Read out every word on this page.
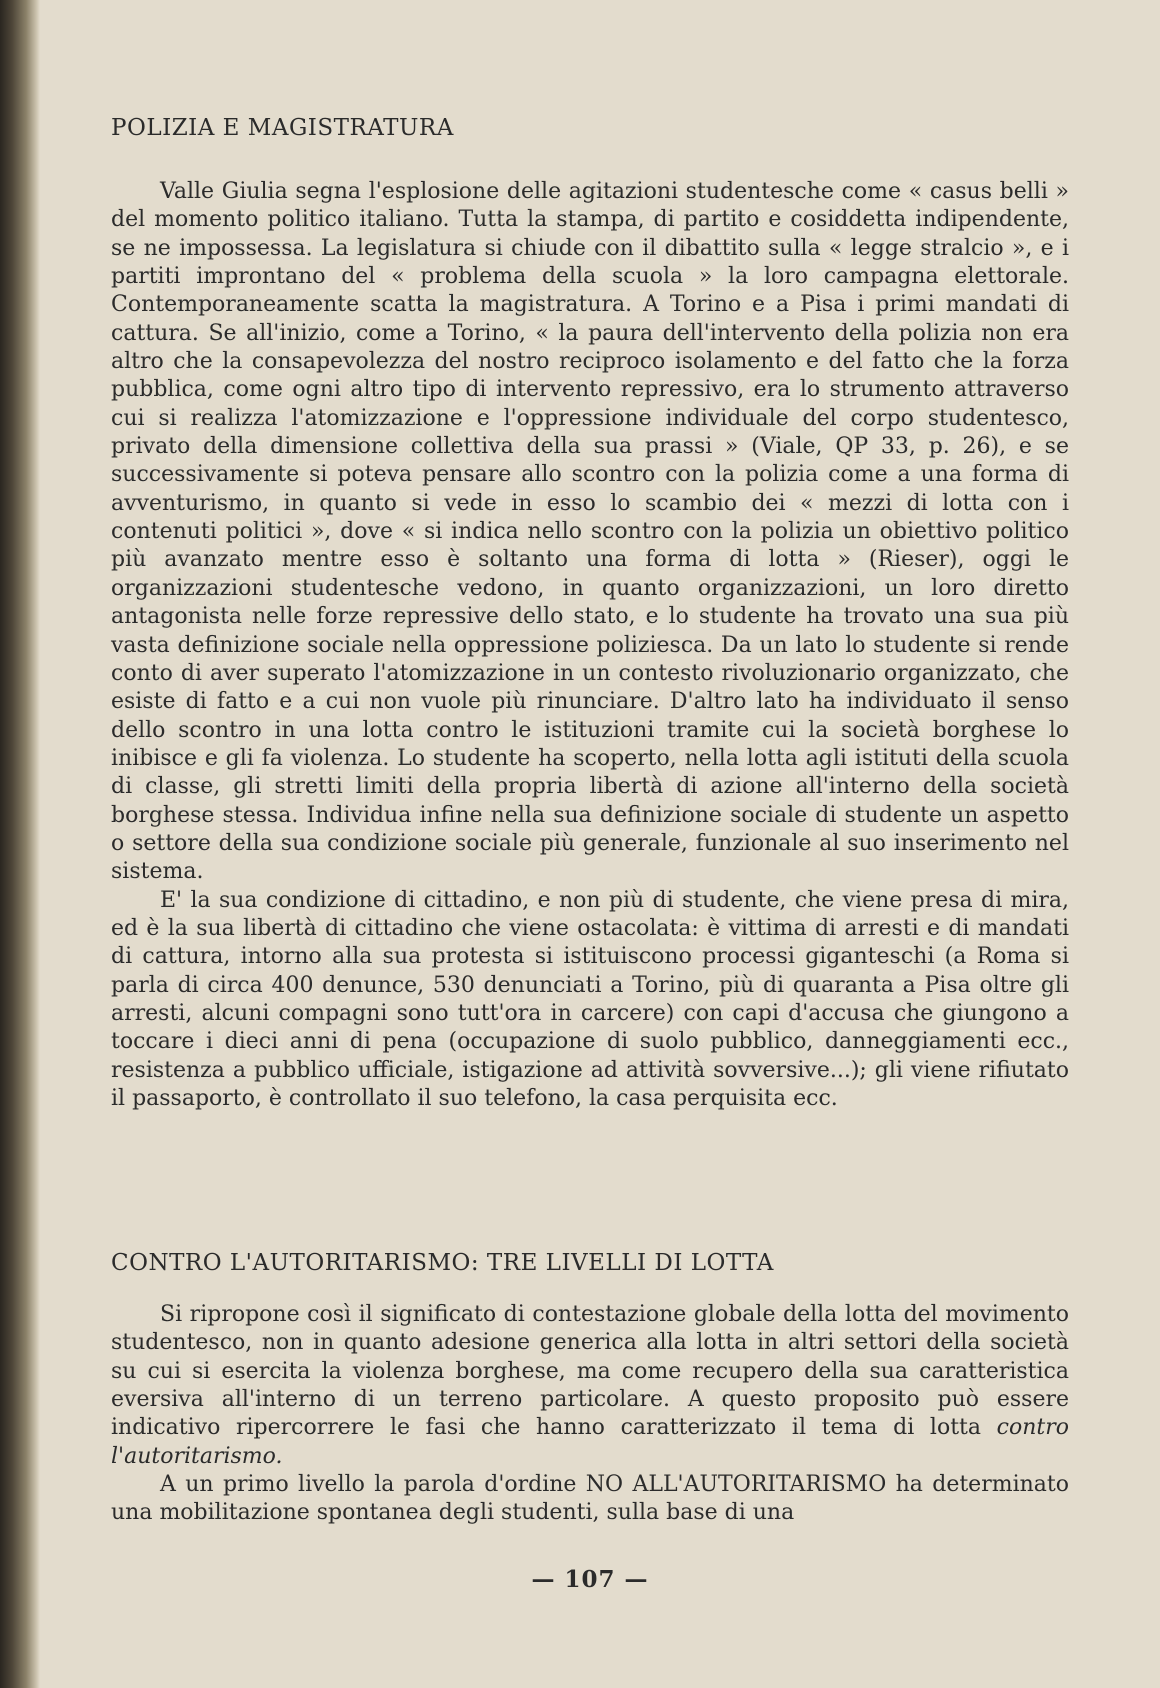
POLIZIA E MAGISTRATURA

Valle Giulia segna l'esplosione delle agitazioni studentesche come « casus belli » del momento politico italiano. Tutta la stampa, di partito e cosiddetta indipendente, se ne impossessa. La legislatura si chiude con il dibattito sulla « legge stralcio », e i partiti improntano del « problema della scuola » la loro campagna elettorale. Contemporaneamente scatta la magistratura. A Torino e a Pisa i primi mandati di cattura. Se all'inizio, come a Torino, « la paura dell'intervento della polizia non era altro che la consapevolezza del nostro reciproco isolamento e del fatto che la forza pubblica, come ogni altro tipo di intervento repressivo, era lo strumento attraverso cui si realizza l'atomizzazione e l'oppressione individuale del corpo studentesco, privato della dimensione collettiva della sua prassi » (Viale, QP 33, p. 26), e se successivamente si poteva pensare allo scontro con la polizia come a una forma di avventurismo, in quanto si vede in esso lo scambio dei « mezzi di lotta con i contenuti politici », dove « si indica nello scontro con la polizia un obiettivo politico più avanzato mentre esso è soltanto una forma di lotta » (Rieser), oggi le organizzazioni studentesche vedono, in quanto organizzazioni, un loro diretto antagonista nelle forze repressive dello stato, e lo studente ha trovato una sua più vasta definizione sociale nella oppressione poliziesca. Da un lato lo studente si rende conto di aver superato l'atomizzazione in un contesto rivoluzionario organizzato, che esiste di fatto e a cui non vuole più rinunciare. D'altro lato ha individuato il senso dello scontro in una lotta contro le istituzioni tramite cui la società borghese lo inibisce e gli fa violenza. Lo studente ha scoperto, nella lotta agli istituti della scuola di classe, gli stretti limiti della propria libertà di azione all'interno della società borghese stessa. Individua infine nella sua definizione sociale di studente un aspetto o settore della sua condizione sociale più generale, funzionale al suo inserimento nel sistema.

E' la sua condizione di cittadino, e non più di studente, che viene presa di mira, ed è la sua libertà di cittadino che viene ostacolata: è vittima di arresti e di mandati di cattura, intorno alla sua protesta si istituiscono processi giganteschi (a Roma si parla di circa 400 denunce, 530 denunciati a Torino, più di quaranta a Pisa oltre gli arresti, alcuni compagni sono tutt'ora in carcere) con capi d'accusa che giungono a toccare i dieci anni di pena (occupazione di suolo pubblico, danneggiamenti ecc., resistenza a pubblico ufficiale, istigazione ad attività sovversive...); gli viene rifiutato il passaporto, è controllato il suo telefono, la casa perquisita ecc.

CONTRO L'AUTORITARISMO: TRE LIVELLI DI LOTTA

Si ripropone così il significato di contestazione globale della lotta del movimento studentesco, non in quanto adesione generica alla lotta in altri settori della società su cui si esercita la violenza borghese, ma come recupero della sua caratteristica eversiva all'interno di un terreno particolare. A questo proposito può essere indicativo ripercorrere le fasi che hanno caratterizzato il tema di lotta contro l'autoritarismo.

A un primo livello la parola d'ordine NO ALL'AUTORITARISMO ha determinato una mobilitazione spontanea degli studenti, sulla base di una

— 107 —
